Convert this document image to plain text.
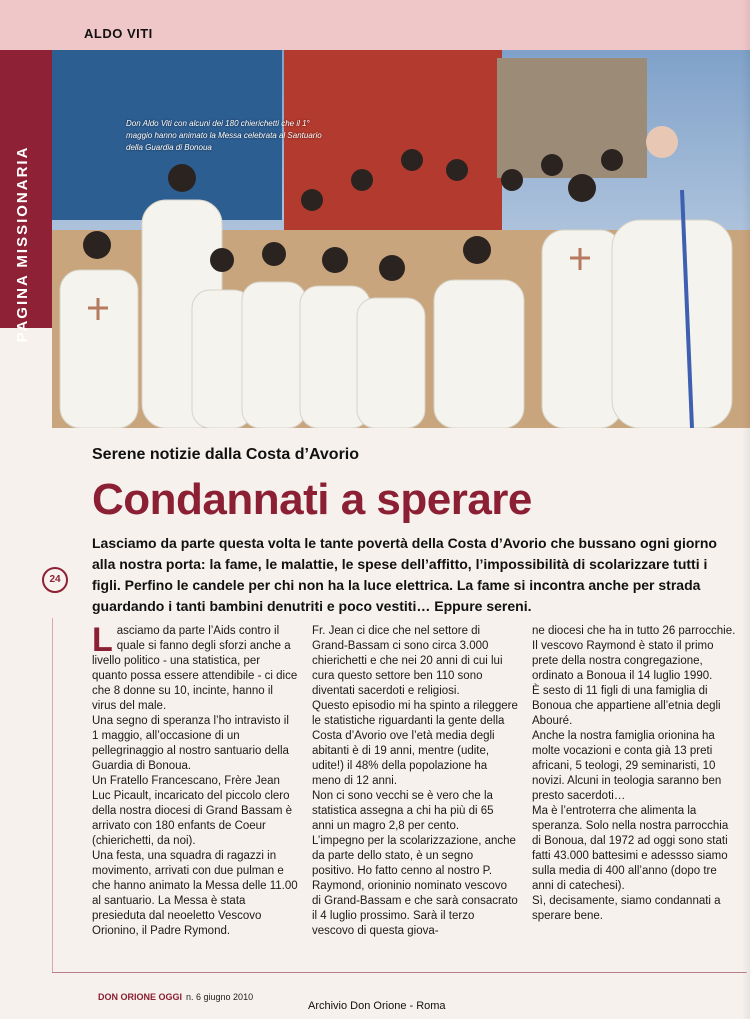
ALDO VITI
PAGINA MISSIONARIA
Don Aldo Viti con alcuni dei 180 chierichetti che il 1° maggio hanno animato la Messa celebrata al Santuario della Guardia di Bonoua
Serene notizie dalla Costa d’Avorio
Condannati a sperare
Lasciamo da parte questa volta le tante povertà della Costa d’Avorio che bussano ogni giorno alla nostra porta: la fame, le malattie, le spese dell’affitto, l’impossibilità di scolarizzare tutti i figli. Perfino le candele per chi non ha la luce elettrica. La fame si incontra anche per strada guardando i tanti bambini denutriti e poco vestiti… Eppure sereni.
24

Lasciamo da parte l’Aids contro il quale si fanno degli sforzi anche a livello politico - una statistica, per quanto possa essere attendibile - ci dice che 8 donne su 10, incinte, hanno il virus del male.

Una segno di speranza l’ho intravisto il 1 maggio, all’occasione di un pellegrinaggio al nostro santuario della Guardia di Bonoua.

Un Fratello Francescano, Frère Jean Luc Picault, incaricato del piccolo clero della nostra diocesi di Grand Bassam è arrivato con 180 enfants de Coeur (chierichetti, da noi).

Una festa, una squadra di ragazzi in movimento, arrivati con due pulman e che hanno animato la Messa delle 11.00 al santuario. La Messa è stata presieduta dal neoeletto Vescovo Orionino, il Padre Rymond.

Fr. Jean ci dice che nel settore di Grand-Bassam ci sono circa 3.000 chierichetti e che nei 20 anni di cui lui cura questo settore ben 110 sono diventati sacerdoti e religiosi.

Questo episodio mi ha spinto a rileggere le statistiche riguardanti la gente della Costa d’Avorio ove l’età media degli abitanti è di 19 anni, mentre (udite, udite!) il 48% della popolazione ha meno di 12 anni.

Non ci sono vecchi se è vero che la statistica assegna a chi ha più di 65 anni un magro 2,8 per cento.

L’impegno per la scolarizzazione, anche da parte dello stato, è un segno positivo. Ho fatto cenno al nostro P. Raymond, orioninio nominato vescovo di Grand-Bassam e che sarà consacrato il 4 luglio prossimo. Sarà il terzo vescovo di questa giova-

ne diocesi che ha in tutto 26 parrocchie. Il vescovo Raymond è stato il primo prete della nostra congregazione, ordinato a Bonoua il 14 luglio 1990.

È sesto di 11 figli di una famiglia di Bonoua che appartiene all’etnia degli Abouré.

Anche la nostra famiglia orionina ha molte vocazioni e conta già 13 preti africani, 5 teologi, 29 seminaristi, 10 novizi. Alcuni in teologia saranno ben presto sacerdoti…

Ma è l’entroterra che alimenta la speranza. Solo nella nostra parrocchia di Bonoua, dal 1972 ad oggi sono stati fatti 43.000 battesimi e adessso siamo sulla media di 400 all’anno (dopo tre anni di catechesi).

Sì, decisamente, siamo condannati a sperare bene.

DON ORIONE OGGI n. 6 giugno 2010
Archivio Don Orione - Roma
